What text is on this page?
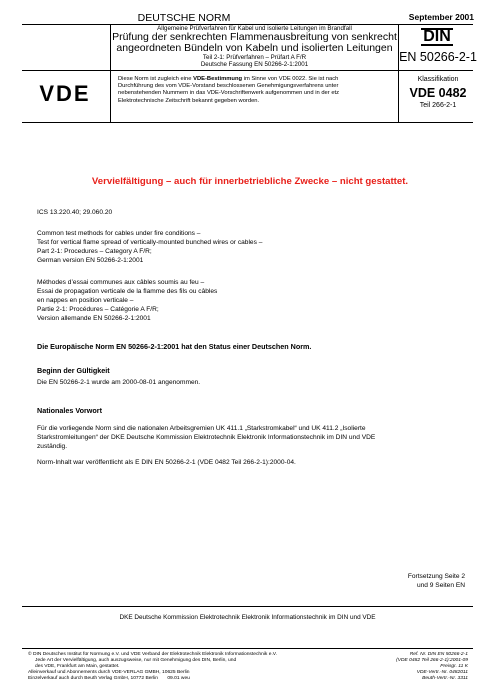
DEUTSCHE NORM	September 2001
Allgemeine Prüfverfahren für Kabel und isolierte Leitungen im Brandfall
Prüfung der senkrechten Flammenausbreitung von senkrecht
angeordneten Bündeln von Kabeln und isolierten Leitungen
Teil 2-1: Prüfverfahren – Prüfart A F/R
Deutsche Fassung EN 50266-2-1:2001
DIN
EN 50266-2-1
VDE
Diese Norm ist zugleich eine VDE-Bestimmung im Sinne von VDE 0022. Sie ist nach
Durchführung des vom VDE-Vorstand beschlossenen Genehmigungsverfahrens unter
nebenstehenden Nummern in das VDE-Vorschriftenwerk aufgenommen und in der etz
Elektrotechnische Zeitschrift bekannt gegeben worden.
Klassifikation
VDE 0482
Teil 266-2-1
Vervielfältigung – auch für innerbetriebliche Zwecke – nicht gestattet.
ICS 13.220.40; 29.060.20
Common test methods for cables under fire conditions –
Test for vertical flame spread of vertically-mounted bunched wires or cables –
Part 2-1: Procedures – Category A F/R;
German version EN 50266-2-1:2001
Méthodes d’essai communes aux câbles soumis au feu –
Essai de propagation verticale de la flamme des fils ou câbles
en nappes en position verticale –
Partie 2-1: Procédures – Catégorie A F/R;
Version allemande EN 50266-2-1:2001
Die Europäische Norm EN 50266-2-1:2001 hat den Status einer Deutschen Norm.
Beginn der Gültigkeit
Die EN 50266-2-1 wurde am 2000-08-01 angenommen.
Nationales Vorwort
Für die vorliegende Norm sind die nationalen Arbeitsgremien UK 411.1 „Starkstromkabel“ und UK 411.2 „Isolierte
Starkstromleitungen“ der DKE Deutsche Kommission Elektrotechnik Elektronik Informationstechnik im DIN und VDE
zuständig.
Norm-Inhalt war veröffentlicht als E DIN EN 50266-2-1 (VDE 0482 Teil 266-2-1):2000-04.
Fortsetzung Seite 2
und 9 Seiten EN
DKE Deutsche Kommission Elektrotechnik Elektronik Informationstechnik im DIN und VDE
© DIN Deutsches Institut für Normung e.V. und VDE Verband der Elektrotechnik Elektronik Informationstechnik e.V.
Jede Art der Vervielfältigung, auch auszugsweise, nur mit Genehmigung des DIN, Berlin, und
des VDE, Frankfurt am Main, gestattet.
Alleinverkauf und Abonnements durch VDE-VERLAG GMBH, 10625 Berlin
Einzelverkauf auch durch Beuth Verlag GmbH, 10772 Berlin 09.01 weu
Ref. Nr. DIN EN 50266-2-1
(VDE 0482 Teil 266-2-1):2001-09
Preisgr. 11 K
VDE-Vertr.-Nr. 0482011
Beuth-Vertr.-Nr. 3311
